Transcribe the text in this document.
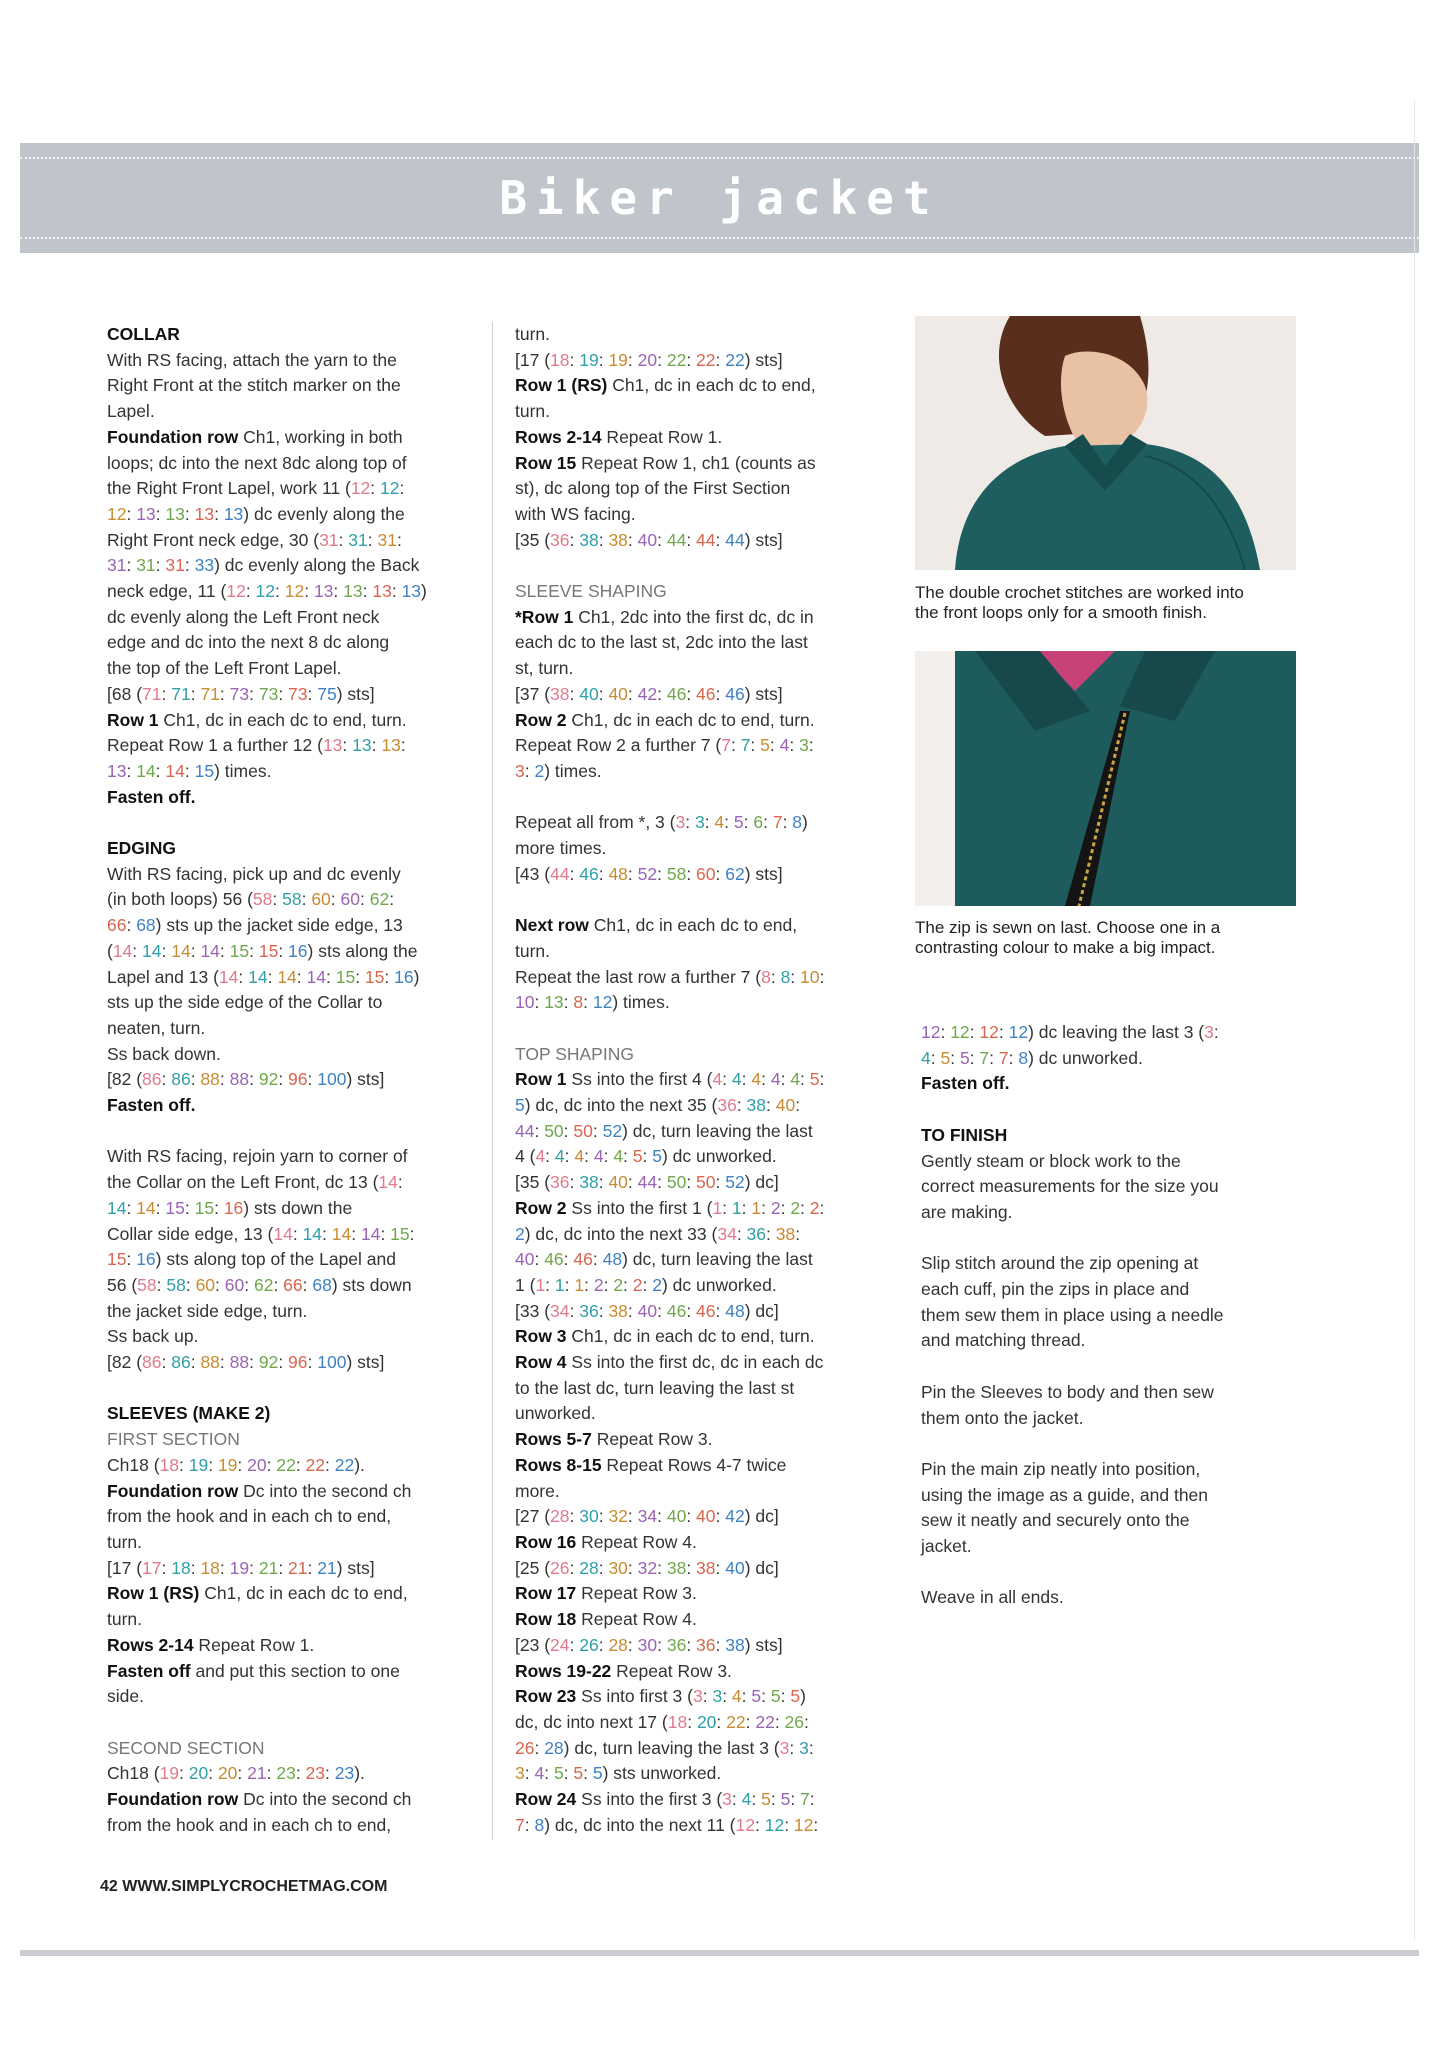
Biker jacket
COLLAR
With RS facing, attach the yarn to the
Right Front at the stitch marker on the
Lapel.
Foundation row Ch1, working in both
loops; dc into the next 8dc along top of
the Right Front Lapel, work 11 (12: 12:
12: 13: 13: 13: 13) dc evenly along the
Right Front neck edge, 30 (31: 31: 31:
31: 31: 31: 33) dc evenly along the Back
neck edge, 11 (12: 12: 12: 13: 13: 13: 13)
dc evenly along the Left Front neck
edge and dc into the next 8 dc along
the top of the Left Front Lapel.
[68 (71: 71: 71: 73: 73: 73: 75) sts]
Row 1 Ch1, dc in each dc to end, turn.
Repeat Row 1 a further 12 (13: 13: 13:
13: 14: 14: 15) times.
Fasten off.
EDGING
With RS facing, pick up and dc evenly
(in both loops) 56 (58: 58: 60: 60: 62:
66: 68) sts up the jacket side edge, 13
(14: 14: 14: 14: 15: 15: 16) sts along the
Lapel and 13 (14: 14: 14: 14: 15: 15: 16)
sts up the side edge of the Collar to
neaten, turn.
Ss back down.
[82 (86: 86: 88: 88: 92: 96: 100) sts]
Fasten off.
With RS facing, rejoin yarn to corner of
the Collar on the Left Front, dc 13 (14:
14: 14: 15: 15: 16) sts down the
Collar side edge, 13 (14: 14: 14: 14: 15:
15: 16) sts along top of the Lapel and
56 (58: 58: 60: 60: 62: 66: 68) sts down
the jacket side edge, turn.
Ss back up.
[82 (86: 86: 88: 88: 92: 96: 100) sts]
SLEEVES (MAKE 2)
FIRST SECTION
Ch18 (18: 19: 19: 20: 22: 22: 22).
Foundation row Dc into the second ch
from the hook and in each ch to end,
turn.
[17 (17: 18: 18: 19: 21: 21: 21) sts]
Row 1 (RS) Ch1, dc in each dc to end,
turn.
Rows 2-14 Repeat Row 1.
Fasten off and put this section to one
side.
SECOND SECTION
Ch18 (19: 20: 20: 21: 23: 23: 23).
Foundation row Dc into the second ch
from the hook and in each ch to end,
turn.
[17 (18: 19: 19: 20: 22: 22: 22) sts]
Row 1 (RS) Ch1, dc in each dc to end,
turn.
Rows 2-14 Repeat Row 1.
Row 15 Repeat Row 1, ch1 (counts as
st), dc along top of the First Section
with WS facing.
[35 (36: 38: 38: 40: 44: 44: 44) sts]
SLEEVE SHAPING
*Row 1 Ch1, 2dc into the first dc, dc in
each dc to the last st, 2dc into the last
st, turn.
[37 (38: 40: 40: 42: 46: 46: 46) sts]
Row 2 Ch1, dc in each dc to end, turn.
Repeat Row 2 a further 7 (7: 7: 5: 4: 3:
3: 2) times.
Repeat all from *, 3 (3: 3: 4: 5: 6: 7: 8)
more times.
[43 (44: 46: 48: 52: 58: 60: 62) sts]
Next row Ch1, dc in each dc to end,
turn.
Repeat the last row a further 7 (8: 8: 10:
10: 13: 8: 12) times.
TOP SHAPING
Row 1 Ss into the first 4 (4: 4: 4: 4: 4: 5:
5) dc, dc into the next 35 (36: 38: 40:
44: 50: 50: 52) dc, turn leaving the last
4 (4: 4: 4: 4: 4: 5: 5) dc unworked.
[35 (36: 38: 40: 44: 50: 50: 52) dc]
Row 2 Ss into the first 1 (1: 1: 1: 2: 2: 2:
2) dc, dc into the next 33 (34: 36: 38:
40: 46: 46: 48) dc, turn leaving the last
1 (1: 1: 1: 2: 2: 2: 2) dc unworked.
[33 (34: 36: 38: 40: 46: 46: 48) dc]
Row 3 Ch1, dc in each dc to end, turn.
Row 4 Ss into the first dc, dc in each dc
to the last dc, turn leaving the last st
unworked.
Rows 5-7 Repeat Row 3.
Rows 8-15 Repeat Rows 4-7 twice
more.
[27 (28: 30: 32: 34: 40: 40: 42) dc]
Row 16 Repeat Row 4.
[25 (26: 28: 30: 32: 38: 38: 40) dc]
Row 17 Repeat Row 3.
Row 18 Repeat Row 4.
[23 (24: 26: 28: 30: 36: 36: 38) sts]
Rows 19-22 Repeat Row 3.
Row 23 Ss into first 3 (3: 3: 4: 5: 5: 5)
dc, dc into next 17 (18: 20: 22: 22: 26:
26: 28) dc, turn leaving the last 3 (3: 3:
3: 4: 5: 5: 5) sts unworked.
Row 24 Ss into the first 3 (3: 4: 5: 5: 7:
7: 8) dc, dc into the next 11 (12: 12: 12:
The double crochet stitches are worked into
the front loops only for a smooth finish.
The zip is sewn on last. Choose one in a
contrasting colour to make a big impact.
12: 12: 12: 12) dc leaving the last 3 (3:
4: 5: 5: 7: 7: 8) dc unworked.
Fasten off.
TO FINISH
Gently steam or block work to the
correct measurements for the size you
are making.
Slip stitch around the zip opening at
each cuff, pin the zips in place and
them sew them in place using a needle
and matching thread.
Pin the Sleeves to body and then sew
them onto the jacket.
Pin the main zip neatly into position,
using the image as a guide, and then
sew it neatly and securely onto the
jacket.
Weave in all ends.
42 WWW.SIMPLYCROCHETMAG.COM
